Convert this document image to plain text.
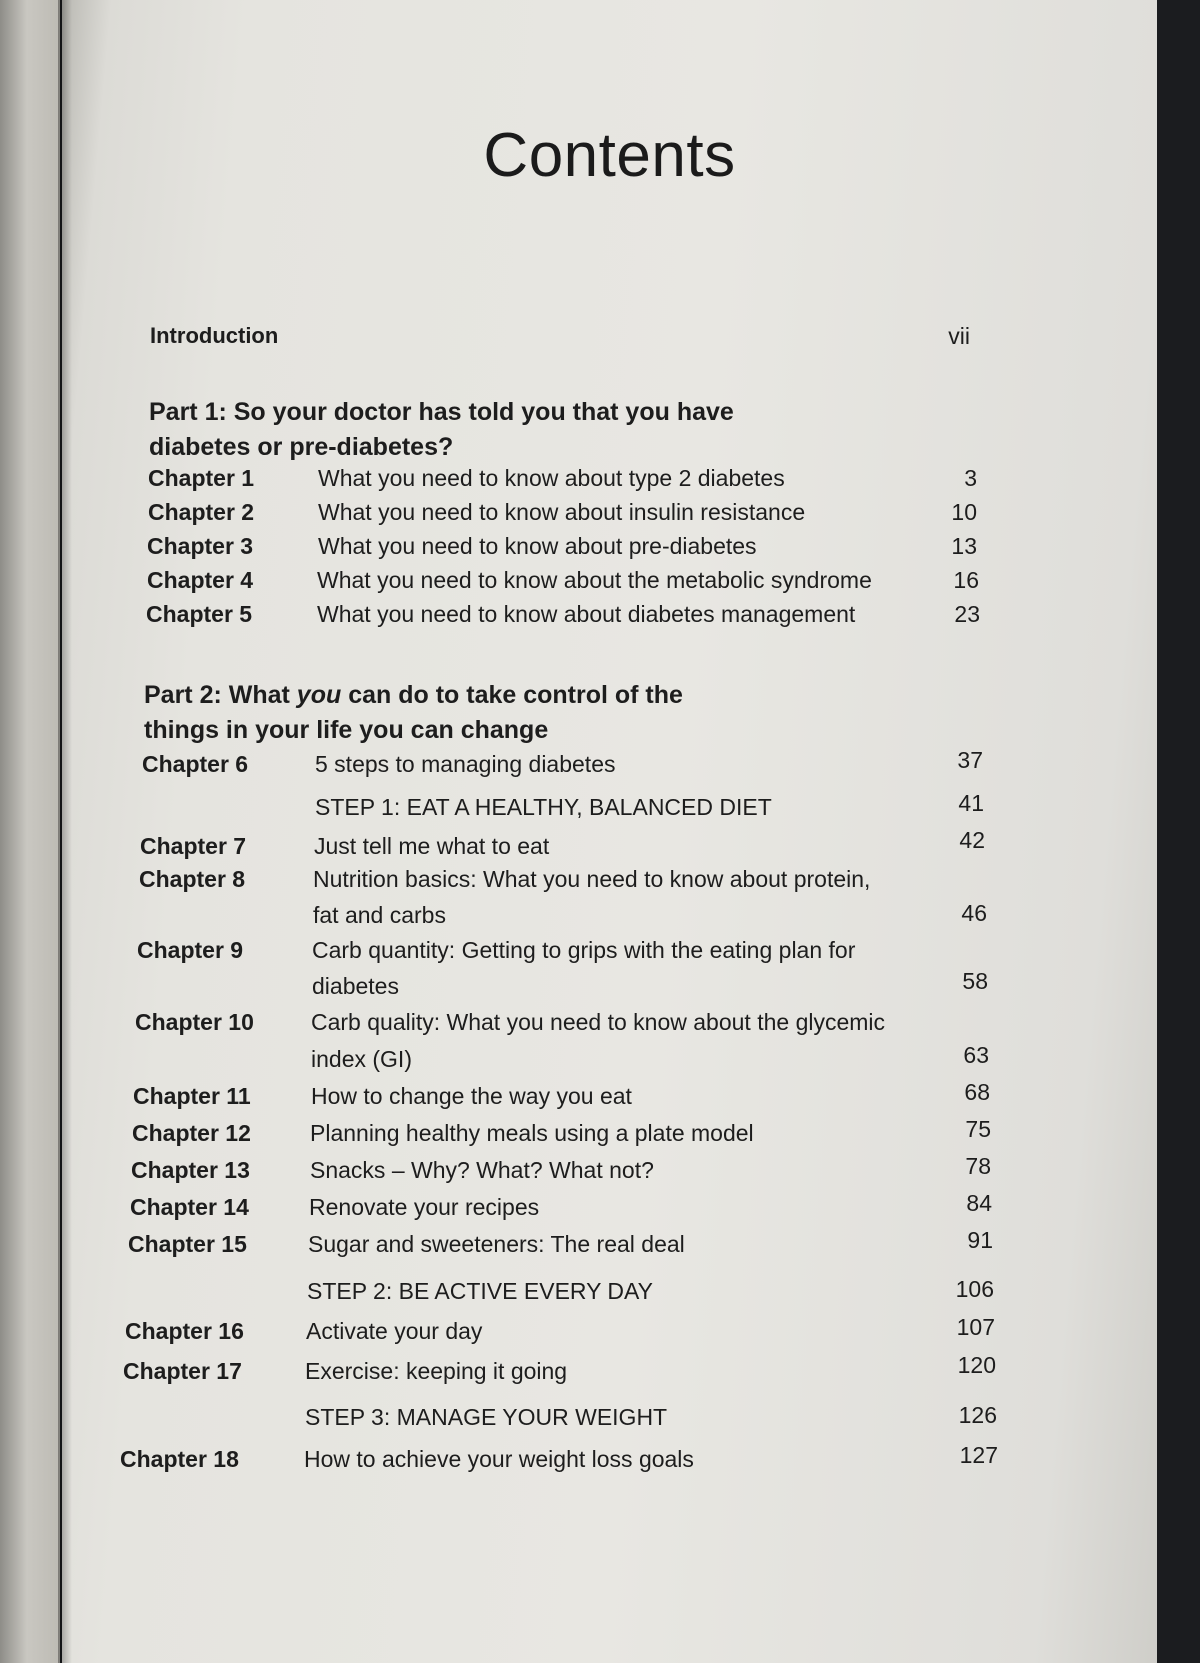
Contents
Introduction	vii
Part 1: So your doctor has told you that you have
diabetes or pre-diabetes?
Chapter 1	What you need to know about type 2 diabetes	3
Chapter 2	What you need to know about insulin resistance	10
Chapter 3	What you need to know about pre-diabetes	13
Chapter 4	What you need to know about the metabolic syndrome	16
Chapter 5	What you need to know about diabetes management	23
Part 2: What you can do to take control of the
things in your life you can change
Chapter 6	5 steps to managing diabetes	37
STEP 1: EAT A HEALTHY, BALANCED DIET	41
Chapter 7	Just tell me what to eat	42
Chapter 8	Nutrition basics: What you need to know about protein,
fat and carbs	46
Chapter 9	Carb quantity: Getting to grips with the eating plan for
diabetes	58
Chapter 10 Carb quality: What you need to know about the glycemic
index (GI)	63
Chapter 11	How to change the way you eat	68
Chapter 12	Planning healthy meals using a plate model	75
Chapter 13	Snacks – Why? What? What not?	78
Chapter 14	Renovate your recipes	84
Chapter 15	Sugar and sweeteners: The real deal	91
STEP 2: BE ACTIVE EVERY DAY	106
Chapter 16	Activate your day	107
Chapter 17	Exercise: keeping it going	120
STEP 3: MANAGE YOUR WEIGHT	126
Chapter 18	How to achieve your weight loss goals	127
